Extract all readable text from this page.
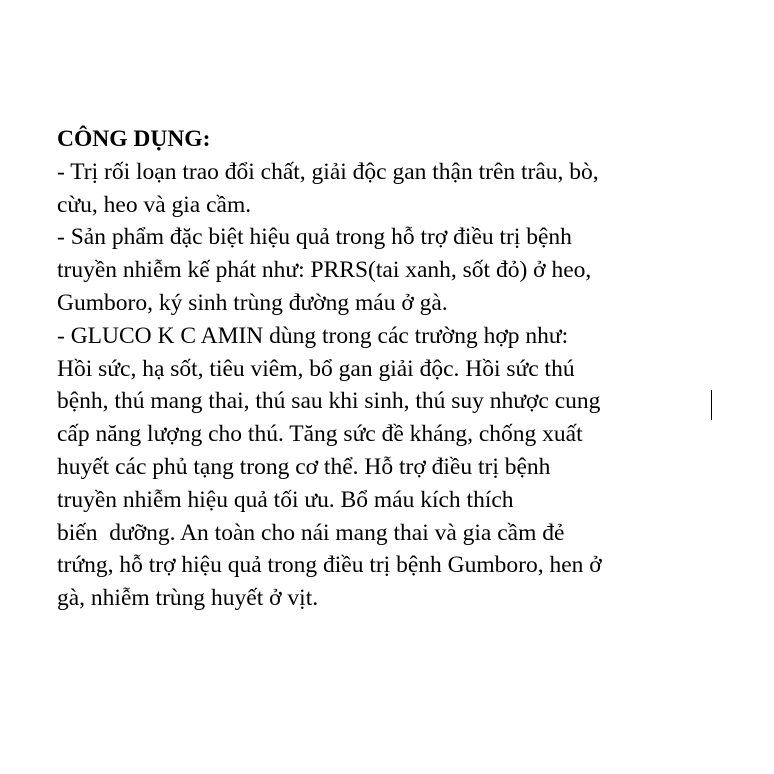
CÔNG DỤNG:
- Trị rối loạn trao đổi chất, giải độc gan thận trên trâu, bò,
cừu, heo và gia cầm.
- Sản phẩm đặc biệt hiệu quả trong hỗ trợ điều trị bệnh
truyền nhiễm kế phát như: PRRS(tai xanh, sốt đỏ) ở heo,
Gumboro, ký sinh trùng đường máu ở gà.
- GLUCO K C AMIN dùng trong các trường hợp như:
Hồi sức, hạ sốt, tiêu viêm, bổ gan giải độc. Hồi sức thú
bệnh, thú mang thai, thú sau khi sinh, thú suy nhược cung
cấp năng lượng cho thú. Tăng sức đề kháng, chống xuất
huyết các phủ tạng trong cơ thể. Hỗ trợ điều trị bệnh
truyền nhiễm hiệu quả tối ưu. Bổ máu kích thích
biến  dưỡng. An toàn cho nái mang thai và gia cầm đẻ
trứng, hỗ trợ hiệu quả trong điều trị bệnh Gumboro, hen ở
gà, nhiễm trùng huyết ở vịt.
